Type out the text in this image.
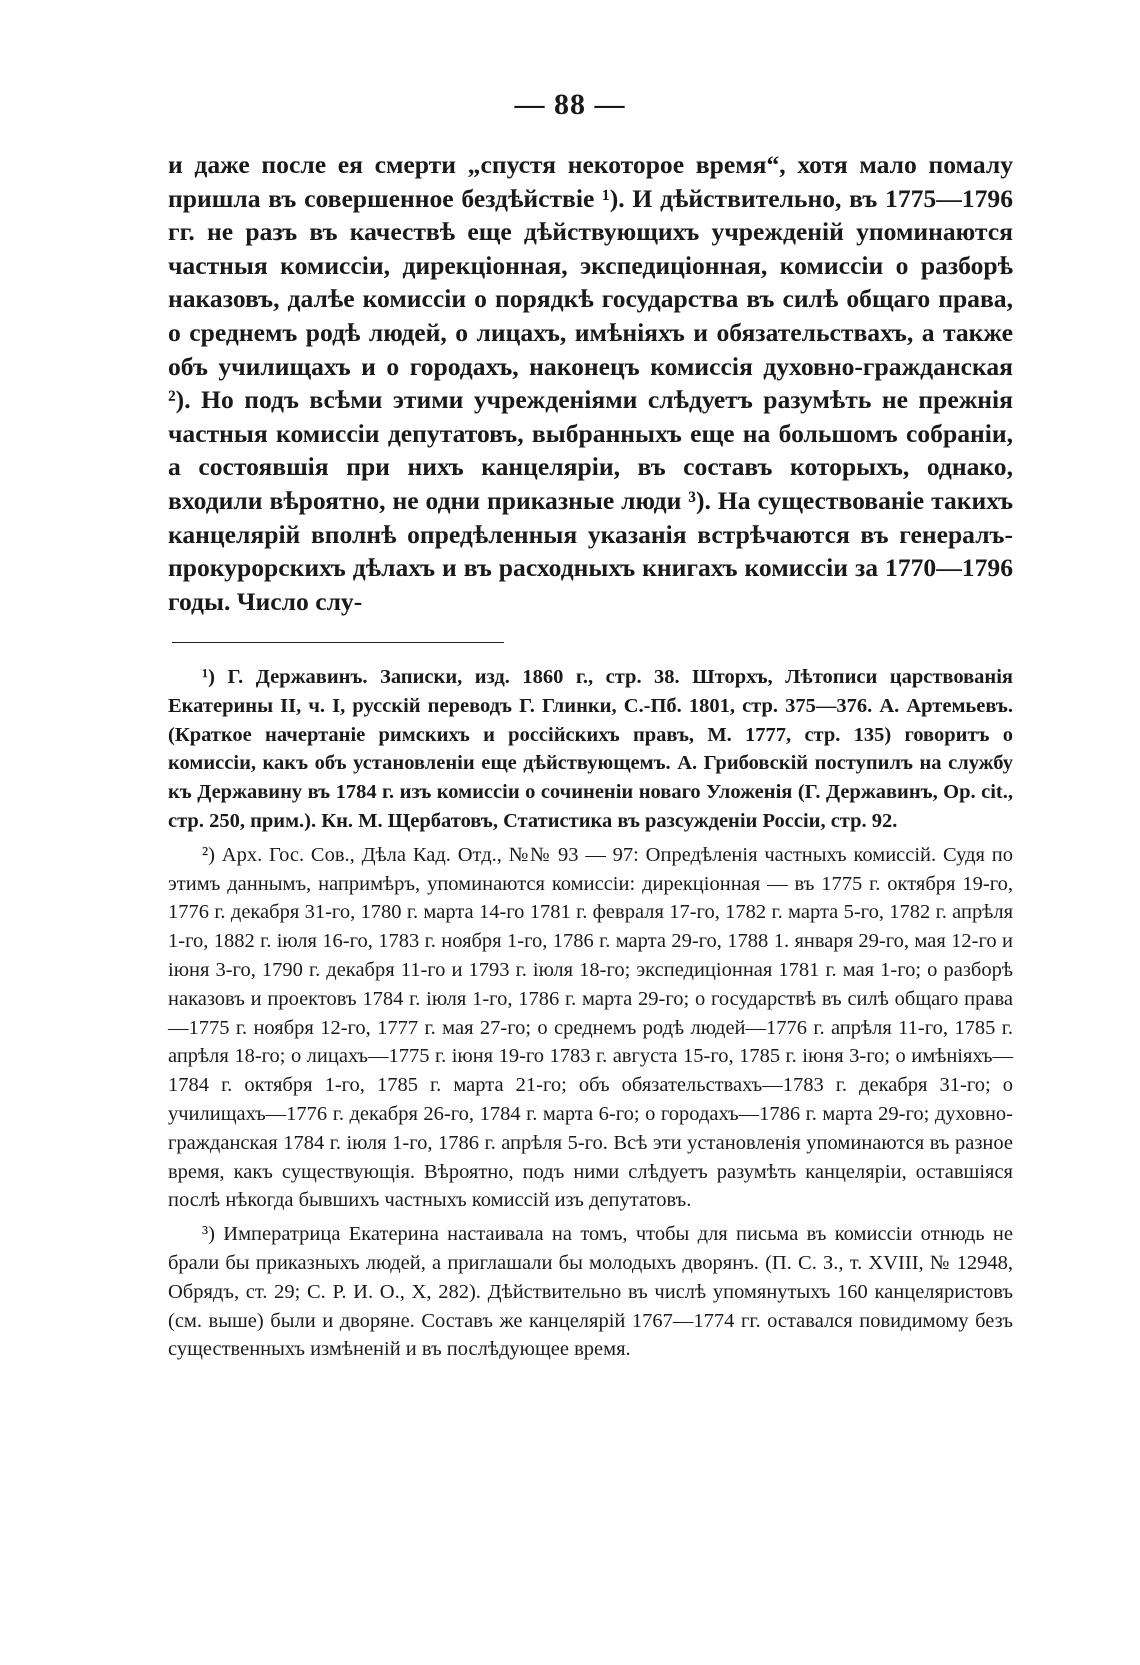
— 88 —

и даже после ея смерти „спустя некоторое время“, хотя мало помалу пришла въ совершенное бездѣйствіе ¹). И дѣйствительно, въ 1775—1796 гг. не разъ въ качествѣ еще дѣйствующихъ учрежденій упоминаются частныя комиссіи, дирекціонная, экспедиціонная, комиссіи о разборѣ наказовъ, далѣе комиссіи о порядкѣ государства въ силѣ общаго права, о среднемъ родѣ людей, о лицахъ, имѣніяхъ и обязательствахъ, а также объ училищахъ и о городахъ, наконецъ комиссія духовно-гражданская ²). Но подъ всѣми этими учрежденіями слѣдуетъ разумѣть не прежнія частныя комиссіи депутатовъ, выбранныхъ еще на большомъ собраніи, а состоявшія при нихъ канцеляріи, въ составъ которыхъ, однако, входили вѣроятно, не одни приказные люди ³). На существованіе такихъ канцелярій вполнѣ опредѣленныя указанія встрѣчаются въ генералъ-прокурорскихъ дѣлахъ и въ расходныхъ книгахъ комиссіи за 1770—1796 годы. Число слу-

¹) Г. Державинъ. Записки, изд. 1860 г., стр. 38. Шторхъ, Лѣтописи царствованія Екатерины II, ч. I, русскій переводъ Г. Глинки, С.-Пб. 1801, стр. 375—376. А. Артемьевъ. (Краткое начертаніе римскихъ и россійскихъ правъ, М. 1777, стр. 135) говоритъ о комиссіи, какъ объ установленіи еще дѣйствующемъ. А. Грибовскій поступилъ на службу къ Державину въ 1784 г. изъ комиссіи о сочиненіи новаго Уложенія (Г. Державинъ, Ор. cit., стр. 250, прим.). Кн. М. Щербатовъ, Статистика въ разсужденіи Россіи, стр. 92.

²) Арх. Гос. Сов., Дѣла Кад. Отд., №№ 93 — 97: Опредѣленія частныхъ комиссій. Судя по этимъ даннымъ, напримѣръ, упоминаются комиссіи: дирекціонная — въ 1775 г. октября 19-го, 1776 г. декабря 31-го, 1780 г. марта 14-го 1781 г. февраля 17-го, 1782 г. марта 5-го, 1782 г. апрѣля 1-го, 1882 г. іюля 16-го, 1783 г. ноября 1-го, 1786 г. марта 29-го, 1788 1. января 29-го, мая 12-го и іюня 3-го, 1790 г. декабря 11-го и 1793 г. іюля 18-го; экспедиціонная 1781 г. мая 1-го; о разборѣ наказовъ и проектовъ 1784 г. іюля 1-го, 1786 г. марта 29-го; о государствѣ въ силѣ общаго права—1775 г. ноября 12-го, 1777 г. мая 27-го; о среднемъ родѣ людей—1776 г. апрѣля 11-го, 1785 г. апрѣля 18-го; о лицахъ—1775 г. іюня 19-го 1783 г. августа 15-го, 1785 г. іюня 3-го; о имѣніяхъ—1784 г. октября 1-го, 1785 г. марта 21-го; объ обязательствахъ—1783 г. декабря 31-го; о училищахъ—1776 г. декабря 26-го, 1784 г. марта 6-го; о городахъ—1786 г. марта 29-го; духовно-гражданская 1784 г. іюля 1-го, 1786 г. апрѣля 5-го. Всѣ эти установленія упоминаются въ разное время, какъ существующія. Вѣроятно, подъ ними слѣдуетъ разумѣть канцеляріи, оставшіяся послѣ нѣкогда бывшихъ частныхъ комиссій изъ депутатовъ.

³) Императрица Екатерина настаивала на томъ, чтобы для письма въ комиссіи отнюдь не брали бы приказныхъ людей, а приглашали бы молодыхъ дворянъ. (П. С. З., т. XVIII, № 12948, Обрядъ, ст. 29; С. Р. И. О., X, 282). Дѣйствительно въ числѣ упомянутыхъ 160 канцеляристовъ (см. выше) были и дворяне. Составъ же канцелярій 1767—1774 гг. оставался повидимому безъ существенныхъ измѣненій и въ послѣдующее время.
